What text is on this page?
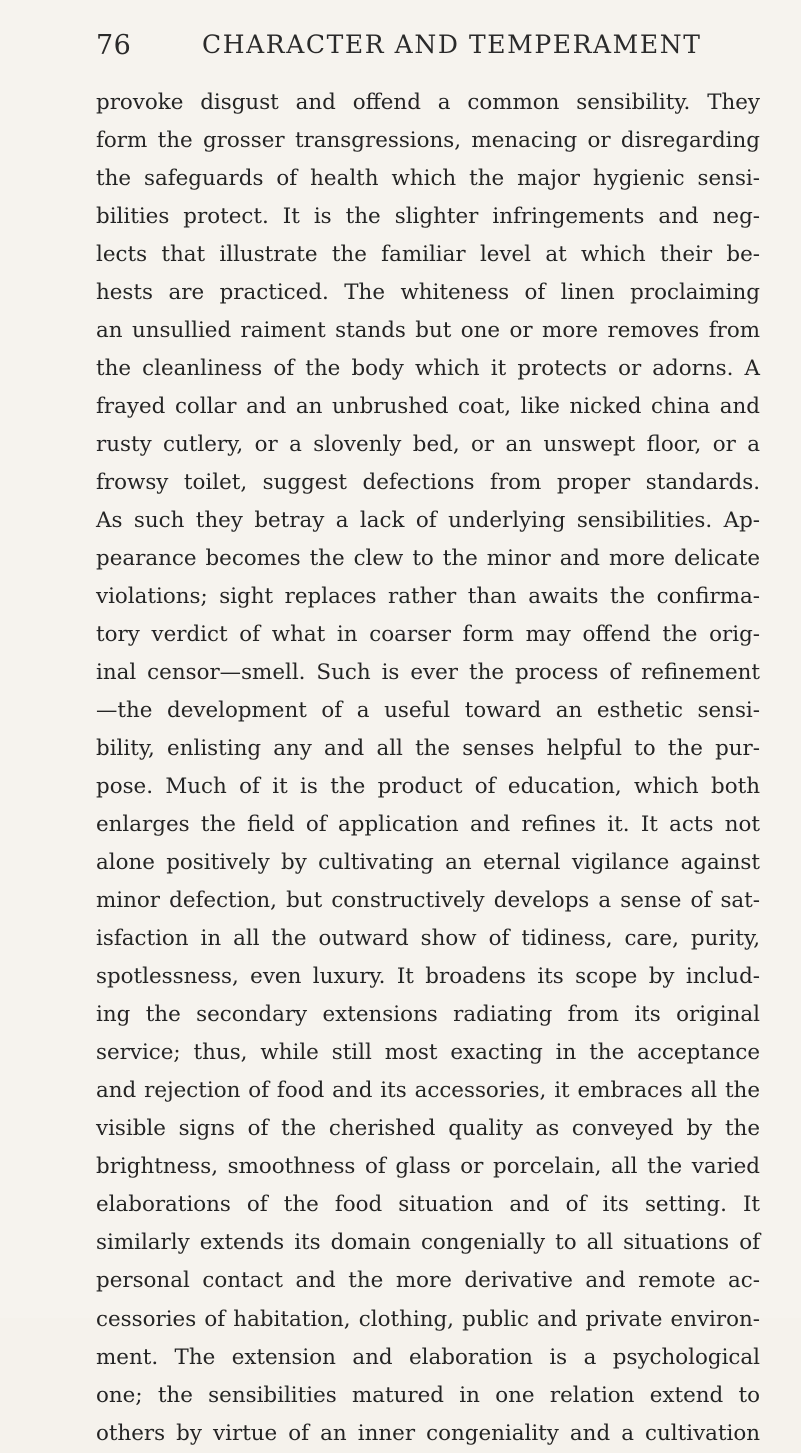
76	CHARACTER AND TEMPERAMENT
provoke disgust and offend a common sensibility. They
form the grosser transgressions, menacing or disregarding
the safeguards of health which the major hygienic sensi-
bilities protect. It is the slighter infringements and neg-
lects that illustrate the familiar level at which their be-
hests are practiced. The whiteness of linen proclaiming
an unsullied raiment stands but one or more removes from
the cleanliness of the body which it protects or adorns. A
frayed collar and an unbrushed coat, like nicked china and
rusty cutlery, or a slovenly bed, or an unswept floor, or a
frowsy toilet, suggest defections from proper standards.
As such they betray a lack of underlying sensibilities. Ap-
pearance becomes the clew to the minor and more delicate
violations; sight replaces rather than awaits the confirma-
tory verdict of what in coarser form may offend the orig-
inal censor—smell. Such is ever the process of refinement
—the development of a useful toward an esthetic sensi-
bility, enlisting any and all the senses helpful to the pur-
pose. Much of it is the product of education, which both
enlarges the field of application and refines it. It acts not
alone positively by cultivating an eternal vigilance against
minor defection, but constructively develops a sense of sat-
isfaction in all the outward show of tidiness, care, purity,
spotlessness, even luxury. It broadens its scope by includ-
ing the secondary extensions radiating from its original
service; thus, while still most exacting in the acceptance
and rejection of food and its accessories, it embraces all the
visible signs of the cherished quality as conveyed by the
brightness, smoothness of glass or porcelain, all the varied
elaborations of the food situation and of its setting. It
similarly extends its domain congenially to all situations of
personal contact and the more derivative and remote ac-
cessories of habitation, clothing, public and private environ-
ment. The extension and elaboration is a psychological
one; the sensibilities matured in one relation extend to
others by virtue of an inner congeniality and a cultivation
